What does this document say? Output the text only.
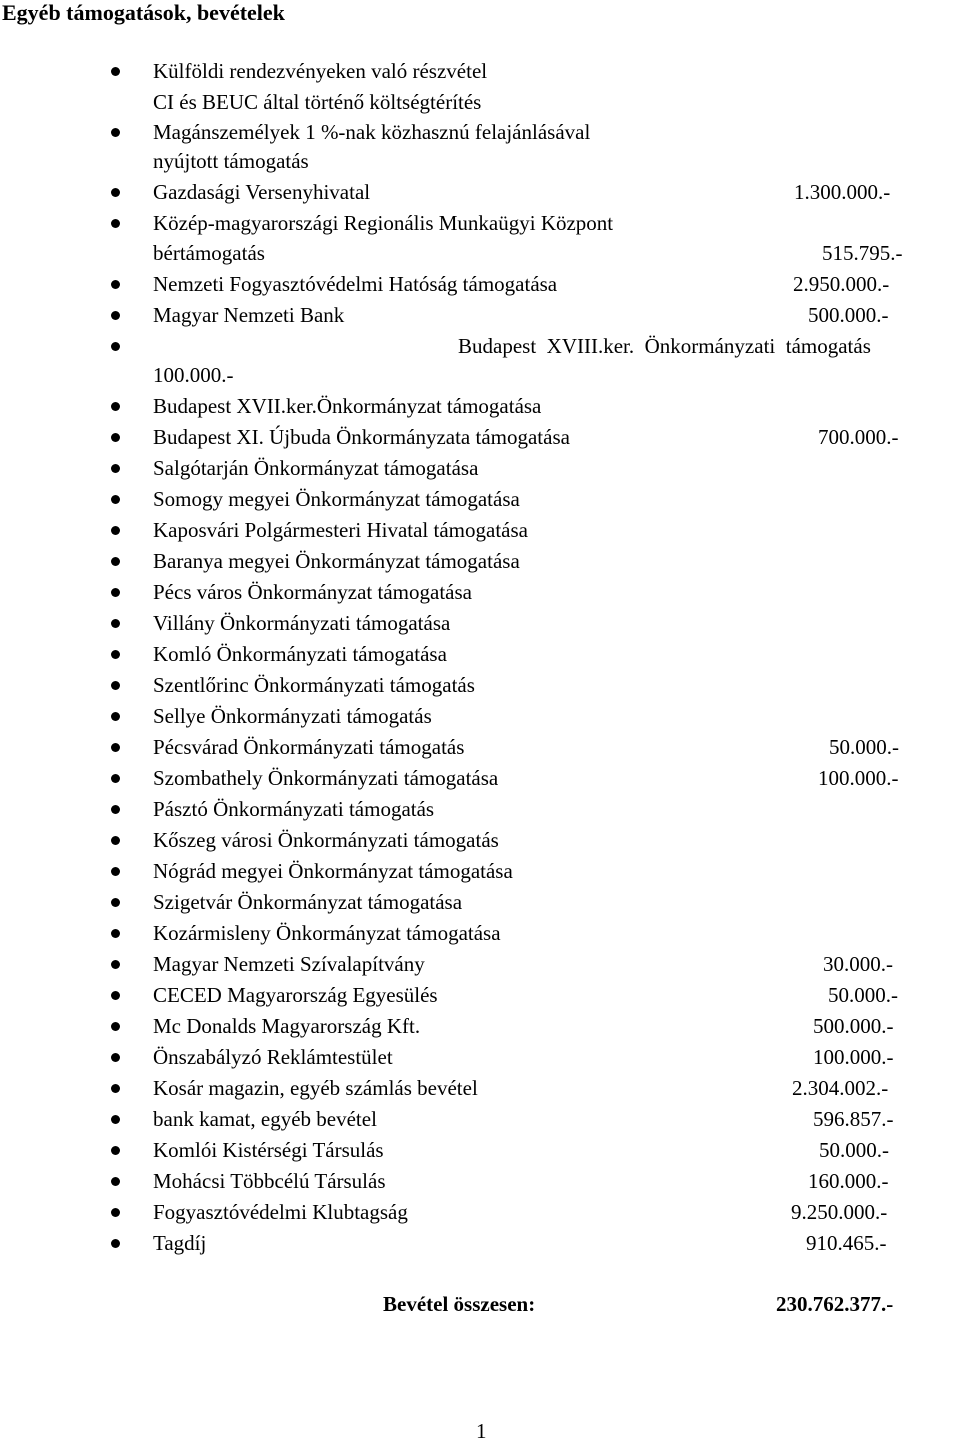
Egyéb támogatások, bevételek
Külföldi rendezvényeken való részvétel
CI és BEUC által történő költségtérítés
Magánszemélyek 1 %-nak közhasznú felajánlásával
nyújtott támogatás
Gazdasági Versenyhivatal	1.300.000.-
Közép-magyarországi Regionális Munkaügyi Központ
bértámogatás	515.795.-
Nemzeti Fogyasztóvédelmi Hatóság támogatása	2.950.000.-
Magyar Nemzeti Bank	500.000.-
Budapest  XVIII.ker.  Önkormányzati  támogatás
100.000.-
Budapest XVII.ker.Önkormányzat támogatása
Budapest XI. Újbuda Önkormányzata támogatása	700.000.-
Salgótarján Önkormányzat támogatása
Somogy megyei Önkormányzat támogatása
Kaposvári Polgármesteri Hivatal támogatása
Baranya megyei Önkormányzat támogatása
Pécs város Önkormányzat támogatása
Villány Önkormányzati támogatása
Komló Önkormányzati támogatása
Szentlőrinc Önkormányzati támogatás
Sellye Önkormányzati támogatás
Pécsvárad Önkormányzati támogatás	50.000.-
Szombathely Önkormányzati támogatása	100.000.-
Pásztó Önkormányzati támogatás
Kőszeg városi Önkormányzati támogatás
Nógrád megyei Önkormányzat támogatása
Szigetvár Önkormányzat támogatása
Kozármisleny Önkormányzat támogatása
Magyar Nemzeti Szívalapítvány	30.000.-
CECED Magyarország Egyesülés	50.000.-
Mc Donalds Magyarország Kft.	500.000.-
Önszabályzó Reklámtestület	100.000.-
Kosár magazin, egyéb számlás bevétel	2.304.002.-
bank kamat, egyéb bevétel	596.857.-
Komlói Kistérségi Társulás	50.000.-
Mohácsi Többcélú Társulás	160.000.-
Fogyasztóvédelmi Klubtagság	9.250.000.-
Tagdíj	910.465.-
Bevétel összesen:	230.762.377.-
1
